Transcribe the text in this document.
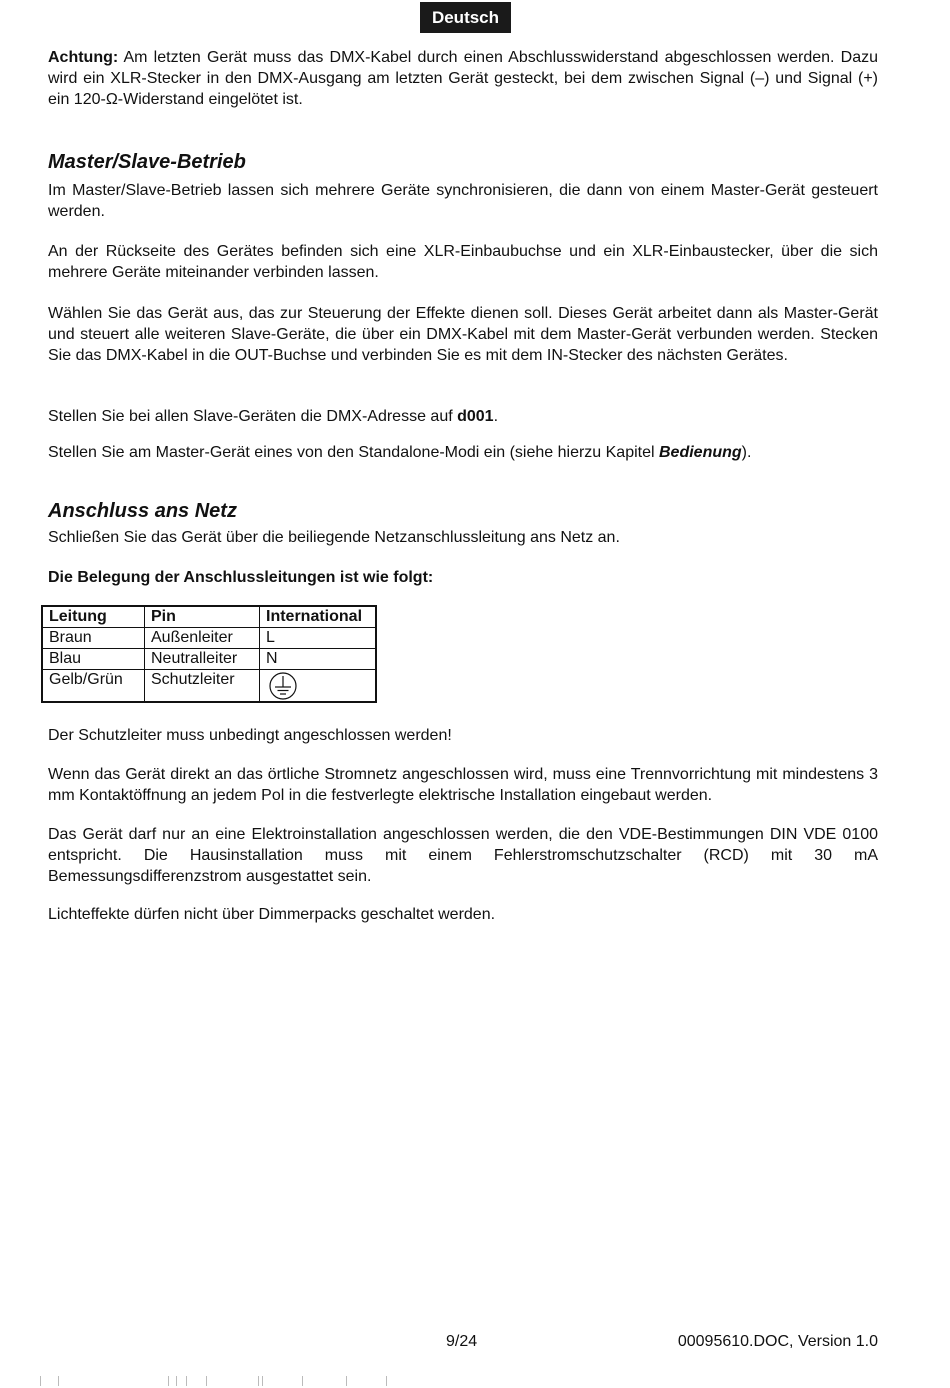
Deutsch

Achtung: Am letzten Gerät muss das DMX-Kabel durch einen Abschlusswiderstand abgeschlossen werden. Dazu wird ein XLR-Stecker in den DMX-Ausgang am letzten Gerät gesteckt, bei dem zwischen Signal (–) und Signal (+) ein 120-Ω-Widerstand eingelötet ist.

Master/Slave-Betrieb

Im Master/Slave-Betrieb lassen sich mehrere Geräte synchronisieren, die dann von einem Master-Gerät gesteuert werden.

An der Rückseite des Gerätes befinden sich eine XLR-Einbaubuchse und ein XLR-Einbaustecker, über die sich mehrere Geräte miteinander verbinden lassen.

Wählen Sie das Gerät aus, das zur Steuerung der Effekte dienen soll. Dieses Gerät arbeitet dann als Master-Gerät und steuert alle weiteren Slave-Geräte, die über ein DMX-Kabel mit dem Master-Gerät verbunden werden. Stecken Sie das DMX-Kabel in die OUT-Buchse und verbinden Sie es mit dem IN-Stecker des nächsten Gerätes.

Stellen Sie bei allen Slave-Geräten die DMX-Adresse auf d001.

Stellen Sie am Master-Gerät eines von den Standalone-Modi ein (siehe hierzu Kapitel Bedienung).

Anschluss ans Netz

Schließen Sie das Gerät über die beiliegende Netzanschlussleitung ans Netz an.

Die Belegung der Anschlussleitungen ist wie folgt:

Leitung	Pin	International
Braun	Außenleiter	L
Blau	Neutralleiter	N
Gelb/Grün	Schutzleiter	

Der Schutzleiter muss unbedingt angeschlossen werden!

Wenn das Gerät direkt an das örtliche Stromnetz angeschlossen wird, muss eine Trennvorrichtung mit mindestens 3 mm Kontaktöffnung an jedem Pol in die festverlegte elektrische Installation eingebaut werden.

Das Gerät darf nur an eine Elektroinstallation angeschlossen werden, die den VDE-Bestimmungen DIN VDE 0100 entspricht. Die Hausinstallation muss mit einem Fehlerstromschutzschalter (RCD) mit 30 mA Bemessungsdifferenzstrom ausgestattet sein.

Lichteffekte dürfen nicht über Dimmerpacks geschaltet werden.

9/24	00095610.DOC, Version 1.0
